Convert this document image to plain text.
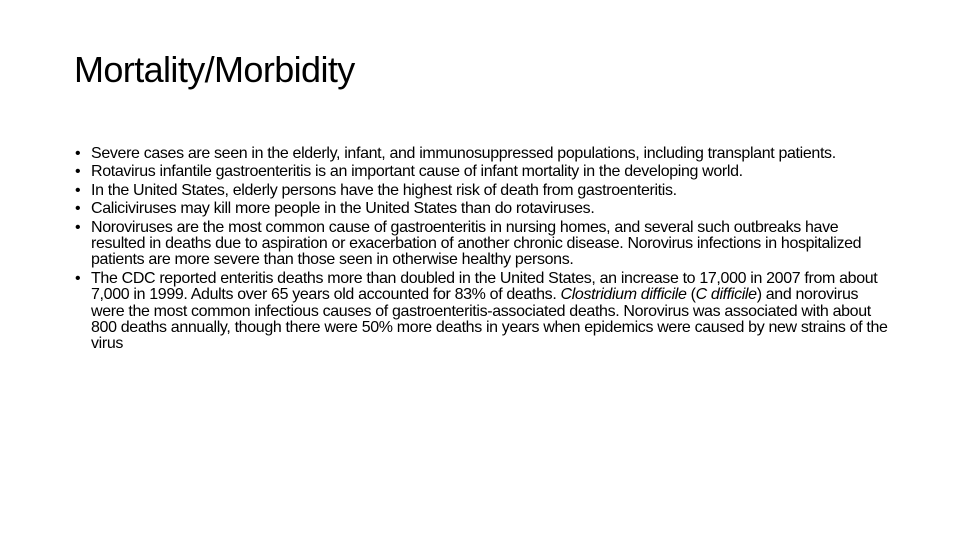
Mortality/Morbidity
• Severe cases are seen in the elderly, infant, and immunosuppressed populations, including transplant patients.
• Rotavirus infantile gastroenteritis is an important cause of infant mortality in the developing world.
• In the United States, elderly persons have the highest risk of death from gastroenteritis.
• Caliciviruses may kill more people in the United States than do rotaviruses.
• Noroviruses are the most common cause of gastroenteritis in nursing homes, and several such outbreaks have resulted in deaths due to aspiration or exacerbation of another chronic disease. Norovirus infections in hospitalized patients are more severe than those seen in otherwise healthy persons.
• The CDC reported enteritis deaths more than doubled in the United States, an increase to 17,000 in 2007 from about 7,000 in 1999. Adults over 65 years old accounted for 83% of deaths. Clostridium difficile (C difficile) and norovirus were the most common infectious causes of gastroenteritis-associated deaths. Norovirus was associated with about 800 deaths annually, though there were 50% more deaths in years when epidemics were caused by new strains of the virus
